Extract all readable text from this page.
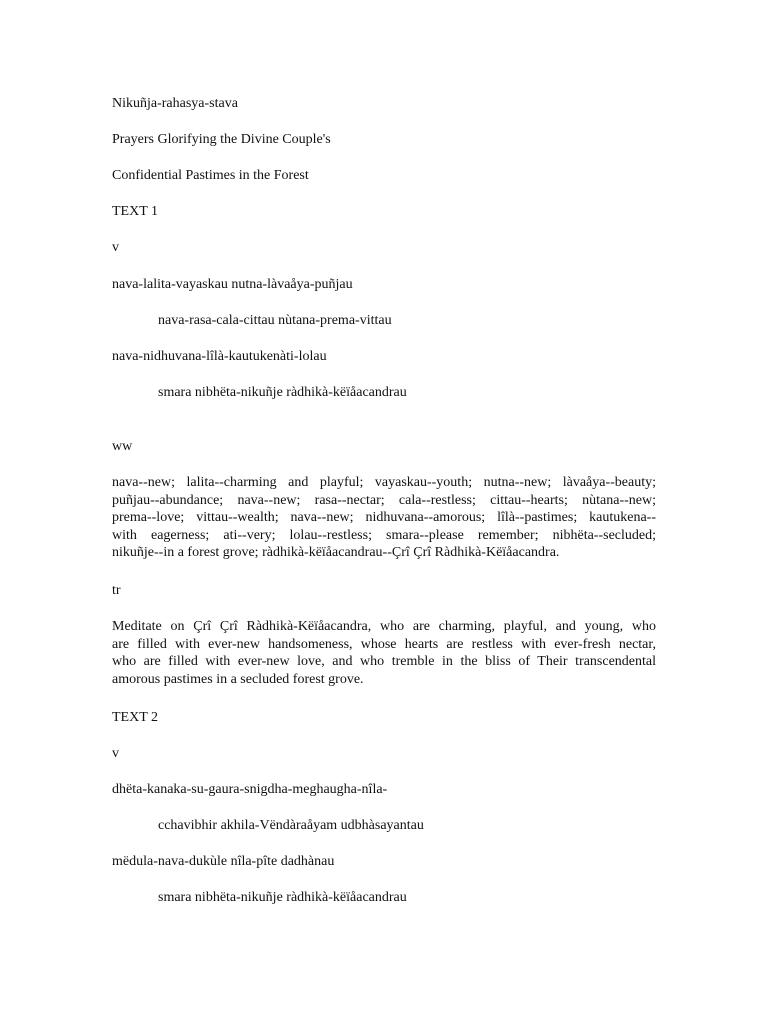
Nikuñja-rahasya-stava
Prayers Glorifying the Divine Couple's
Confidential Pastimes in the Forest
TEXT 1
v
nava-lalita-vayaskau nutna-làvaåya-puñjau
nava-rasa-cala-cittau nùtana-prema-vittau
nava-nidhuvana-lîlà-kautukenàti-lolau
smara nibhëta-nikuñje ràdhikà-këïåacandrau
ww
nava--new; lalita--charming and playful; vayaskau--youth; nutna--new; làvaåya--beauty;
puñjau--abundance; nava--new; rasa--nectar; cala--restless; cittau--hearts; nùtana--new;
prema--love; vittau--wealth; nava--new; nidhuvana--amorous; lîlà--pastimes; kautukena--
with eagerness; ati--very; lolau--restless; smara--please remember; nibhëta--secluded;
nikuñje--in a forest grove; ràdhikà-këïåacandrau--Çrî Çrî Ràdhikà-Këïåacandra.
tr
Meditate on Çrî Çrî Ràdhikà-Këïåacandra, who are charming, playful, and young, who
are filled with ever-new handsomeness, whose hearts are restless with ever-fresh nectar,
who are filled with ever-new love, and who tremble in the bliss of Their transcendental
amorous pastimes in a secluded forest grove.
TEXT 2
v
dhëta-kanaka-su-gaura-snigdha-meghaugha-nîla-
cchavibhir akhila-Vëndàraåyam udbhàsayantau
mëdula-nava-dukùle nîla-pîte dadhànau
smara nibhëta-nikuñje ràdhikà-këïåacandrau
